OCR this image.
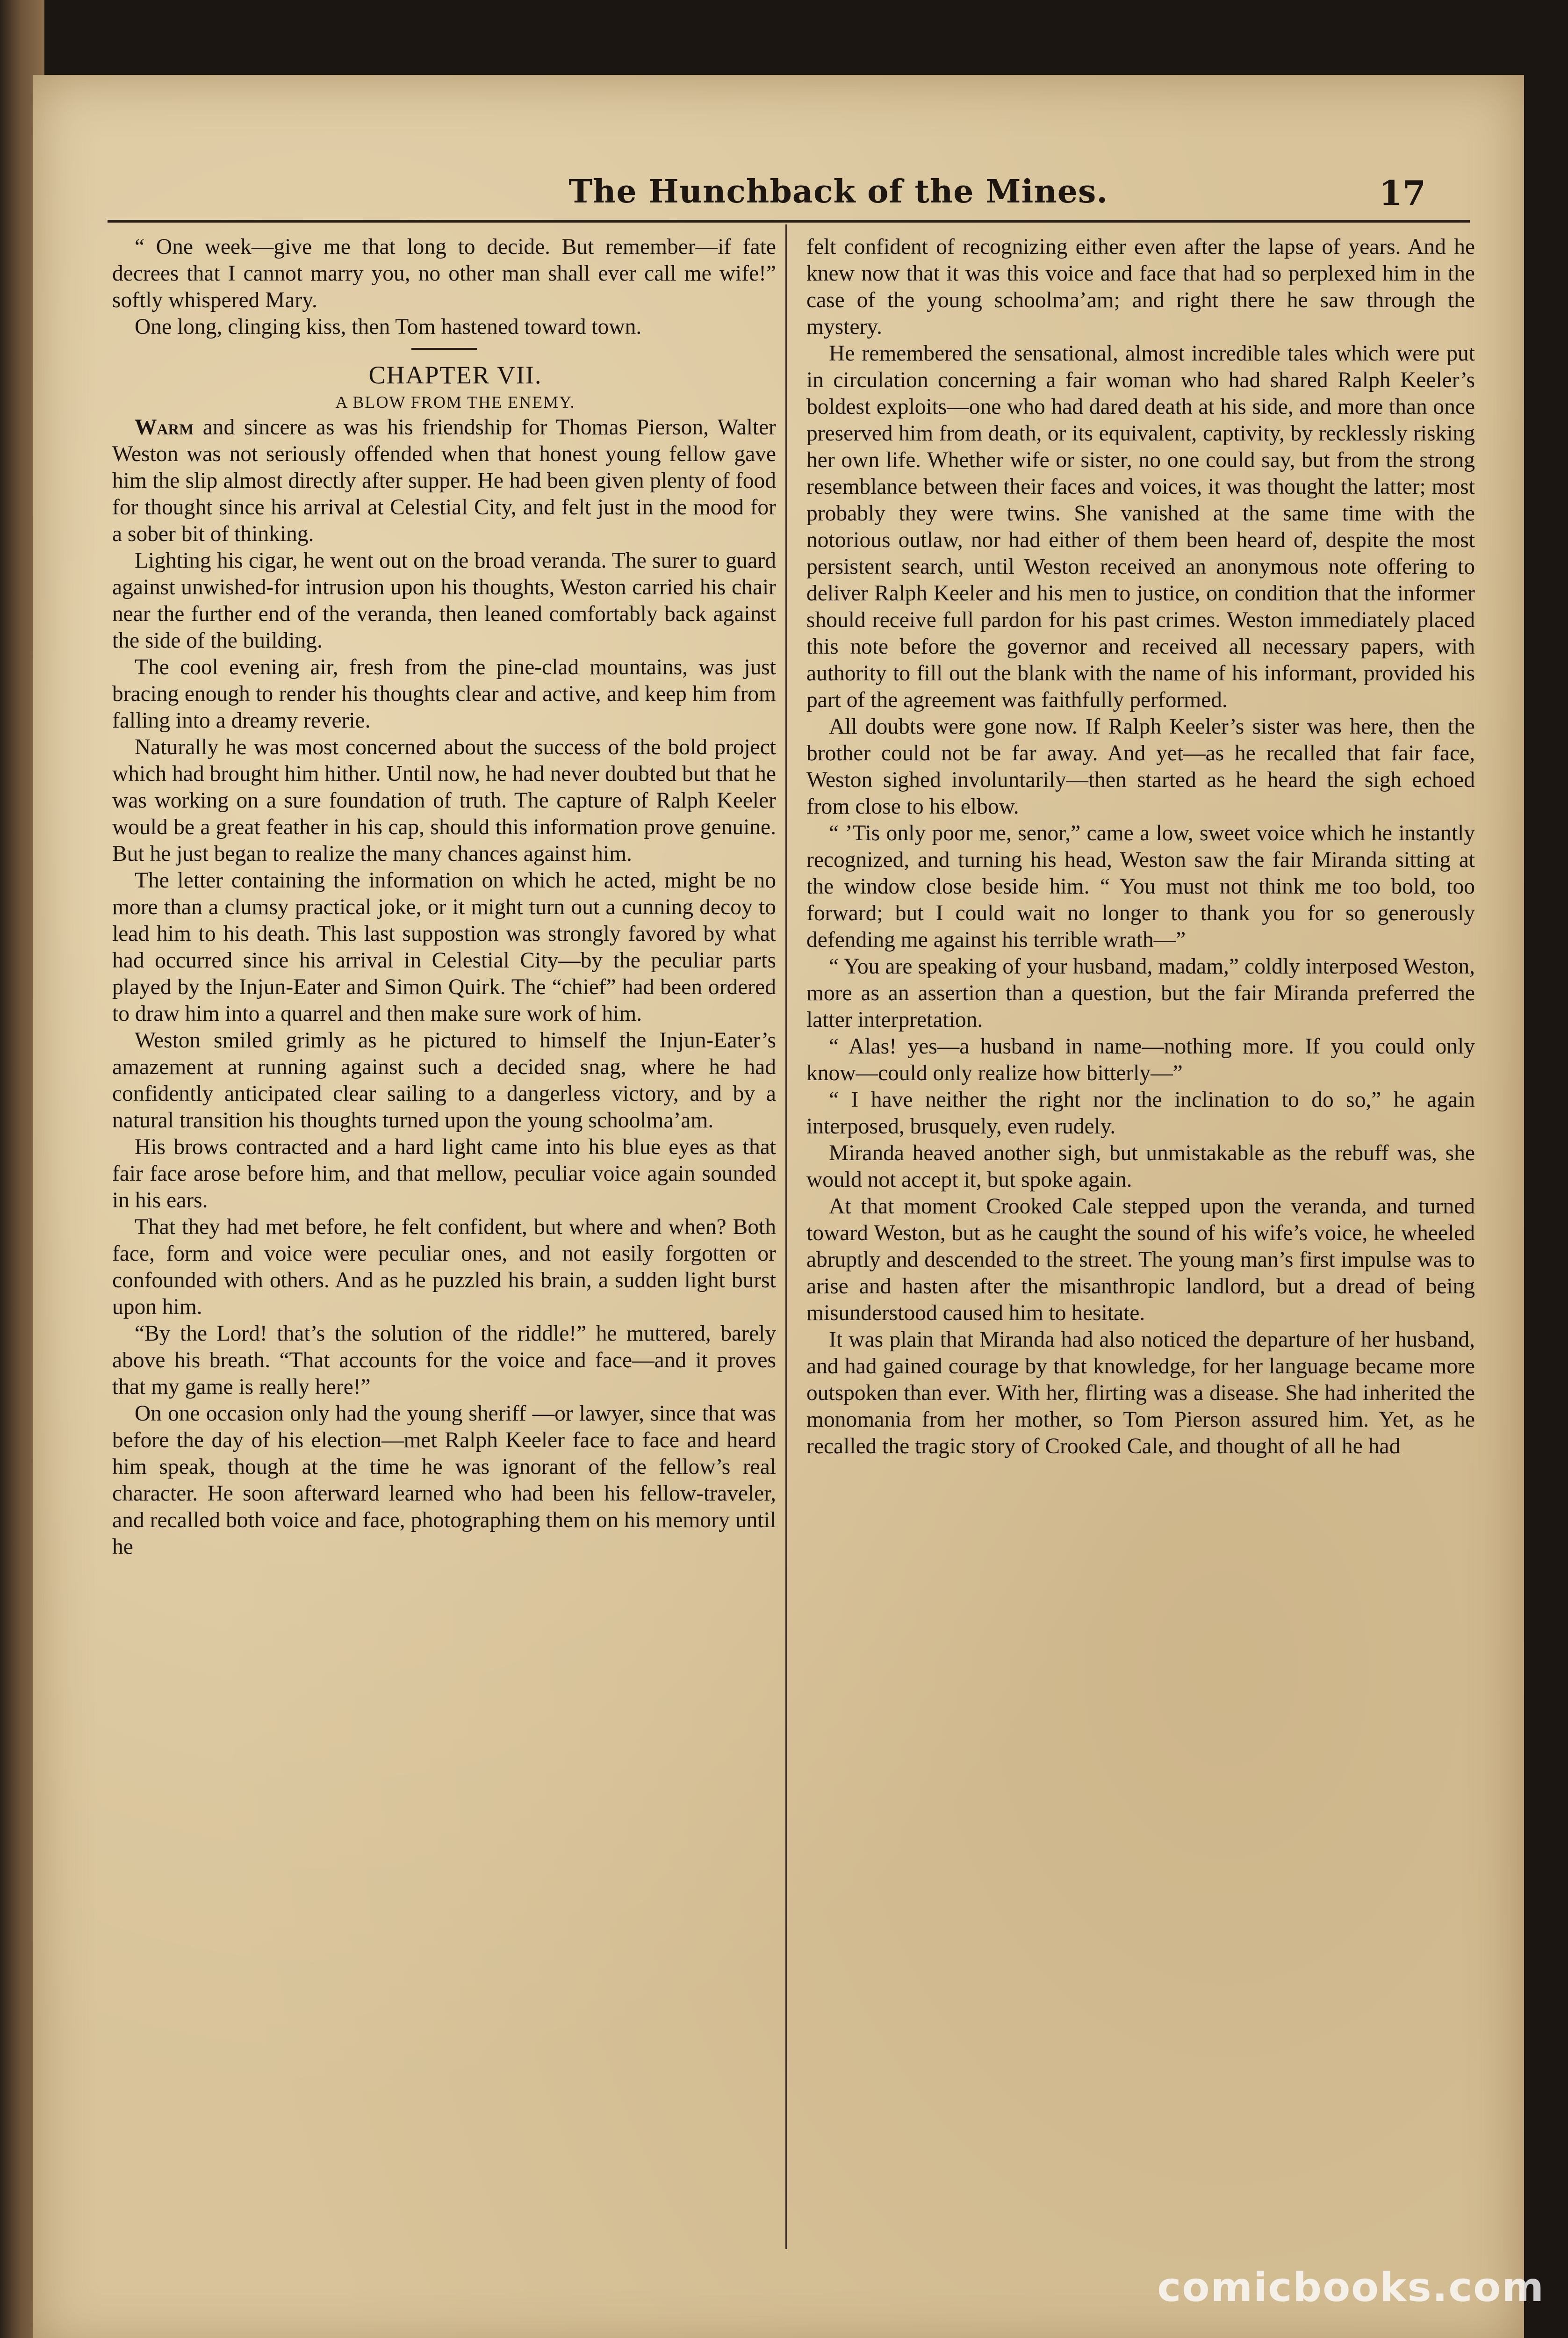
The Hunchback of the Mines.	17

“ One week—give me that long to decide. But remember—if fate decrees that I cannot marry you, no other man shall ever call me wife!” softly whispered Mary.

One long, clinging kiss, then Tom hastened toward town.

CHAPTER VII.

A BLOW FROM THE ENEMY.

Warm and sincere as was his friendship for Thomas Pierson, Walter Weston was not seriously offended when that honest young fellow gave him the slip almost directly after supper. He had been given plenty of food for thought since his arrival at Celestial City, and felt just in the mood for a sober bit of thinking.

Lighting his cigar, he went out on the broad veranda. The surer to guard against unwished-for intrusion upon his thoughts, Weston carried his chair near the further end of the veranda, then leaned comfortably back against the side of the building.

The cool evening air, fresh from the pine-clad mountains, was just bracing enough to render his thoughts clear and active, and keep him from falling into a dreamy reverie.

Naturally he was most concerned about the success of the bold project which had brought him hither. Until now, he had never doubted but that he was working on a sure foundation of truth. The capture of Ralph Keeler would be a great feather in his cap, should this information prove genuine. But he just began to realize the many chances against him.

The letter containing the information on which he acted, might be no more than a clumsy practical joke, or it might turn out a cunning decoy to lead him to his death. This last suppostion was strongly favored by what had occurred since his arrival in Celestial City—by the peculiar parts played by the Injun-Eater and Simon Quirk. The “chief” had been ordered to draw him into a quarrel and then make sure work of him.

Weston smiled grimly as he pictured to himself the Injun-Eater’s amazement at running against such a decided snag, where he had confidently anticipated clear sailing to a dangerless victory, and by a natural transition his thoughts turned upon the young schoolma’am.

His brows contracted and a hard light came into his blue eyes as that fair face arose before him, and that mellow, peculiar voice again sounded in his ears.

That they had met before, he felt confident, but where and when? Both face, form and voice were peculiar ones, and not easily forgotten or confounded with others. And as he puzzled his brain, a sudden light burst upon him.

“By the Lord! that’s the solution of the riddle!” he muttered, barely above his breath. “That accounts for the voice and face—and it proves that my game is really here!”

On one occasion only had the young sheriff —or lawyer, since that was before the day of his election—met Ralph Keeler face to face and heard him speak, though at the time he was ignorant of the fellow’s real character. He soon afterward learned who had been his fellow-traveler, and recalled both voice and face, photographing them on his memory until he

felt confident of recognizing either even after the lapse of years. And he knew now that it was this voice and face that had so perplexed him in the case of the young schoolma’am; and right there he saw through the mystery.

He remembered the sensational, almost incredible tales which were put in circulation concerning a fair woman who had shared Ralph Keeler’s boldest exploits—one who had dared death at his side, and more than once preserved him from death, or its equivalent, captivity, by recklessly risking her own life. Whether wife or sister, no one could say, but from the strong resemblance between their faces and voices, it was thought the latter; most probably they were twins. She vanished at the same time with the notorious outlaw, nor had either of them been heard of, despite the most persistent search, until Weston received an anonymous note offering to deliver Ralph Keeler and his men to justice, on condition that the informer should receive full pardon for his past crimes. Weston immediately placed this note before the governor and received all necessary papers, with authority to fill out the blank with the name of his informant, provided his part of the agreement was faithfully performed.

All doubts were gone now. If Ralph Keeler’s sister was here, then the brother could not be far away. And yet—as he recalled that fair face, Weston sighed involuntarily—then started as he heard the sigh echoed from close to his elbow.

“ ’Tis only poor me, senor,” came a low, sweet voice which he instantly recognized, and turning his head, Weston saw the fair Miranda sitting at the window close beside him. “ You must not think me too bold, too forward; but I could wait no longer to thank you for so generously defending me against his terrible wrath—”

“ You are speaking of your husband, madam,” coldly interposed Weston, more as an assertion than a question, but the fair Miranda preferred the latter interpretation.

“ Alas! yes—a husband in name—nothing more. If you could only know—could only realize how bitterly—”

“ I have neither the right nor the inclination to do so,” he again interposed, brusquely, even rudely.

Miranda heaved another sigh, but unmistakable as the rebuff was, she would not accept it, but spoke again.

At that moment Crooked Cale stepped upon the veranda, and turned toward Weston, but as he caught the sound of his wife’s voice, he wheeled abruptly and descended to the street. The young man’s first impulse was to arise and hasten after the misanthropic landlord, but a dread of being misunderstood caused him to hesitate.

It was plain that Miranda had also noticed the departure of her husband, and had gained courage by that knowledge, for her language became more outspoken than ever. With her, flirting was a disease. She had inherited the monomania from her mother, so Tom Pierson assured him. Yet, as he recalled the tragic story of Crooked Cale, and thought of all he had

comicbooks.com
